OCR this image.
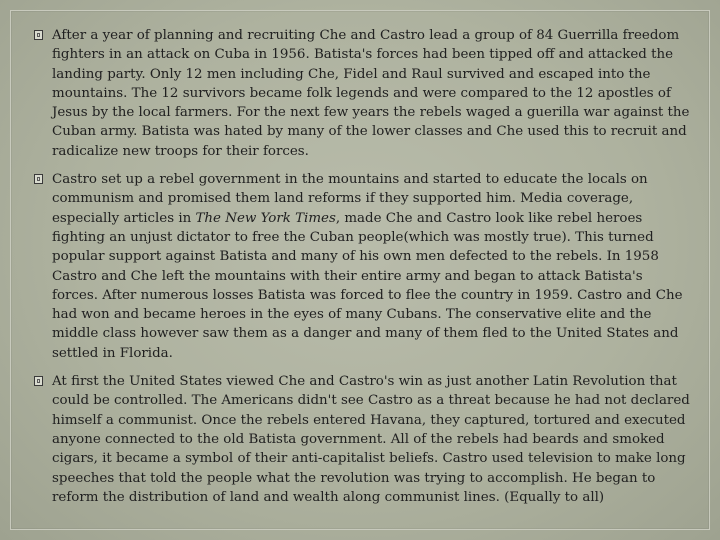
After a year of planning and recruiting Che and Castro lead a group of 84 Guerrilla freedom fighters in an attack on Cuba in 1956. Batista's forces had been tipped off and attacked the landing party. Only 12 men including Che, Fidel and Raul survived and escaped into the mountains. The 12 survivors became folk legends and were compared to the 12 apostles of Jesus by the local farmers. For the next few years the rebels waged a guerilla war against the Cuban army. Batista was hated by many of the lower classes and Che used this to recruit and radicalize new troops for their forces.
Castro set up a rebel government in the mountains and started to educate the locals on communism and promised them land reforms if they supported him. Media coverage, especially articles in The New York Times, made Che and Castro look like rebel heroes fighting an unjust dictator to free the Cuban people(which was mostly true). This turned popular support against Batista and many of his own men defected to the rebels. In 1958 Castro and Che left the mountains with their entire army and began to attack Batista's forces. After numerous losses Batista was forced to flee the country in 1959. Castro and Che had won and became heroes in the eyes of many Cubans. The conservative elite and the middle class however saw them as a danger and many of them fled to the United States and settled in Florida.
At first the United States viewed Che and Castro's win as just another Latin Revolution that could be controlled. The Americans didn't see Castro as a threat because he had not declared himself a communist. Once the rebels entered Havana, they captured, tortured and executed anyone connected to the old Batista government. All of the rebels had beards and smoked cigars, it became a symbol of their anti-capitalist beliefs. Castro used television to make long speeches that told the people what the revolution was trying to accomplish. He began to reform the distribution of land and wealth along communist lines. (Equally to all)
